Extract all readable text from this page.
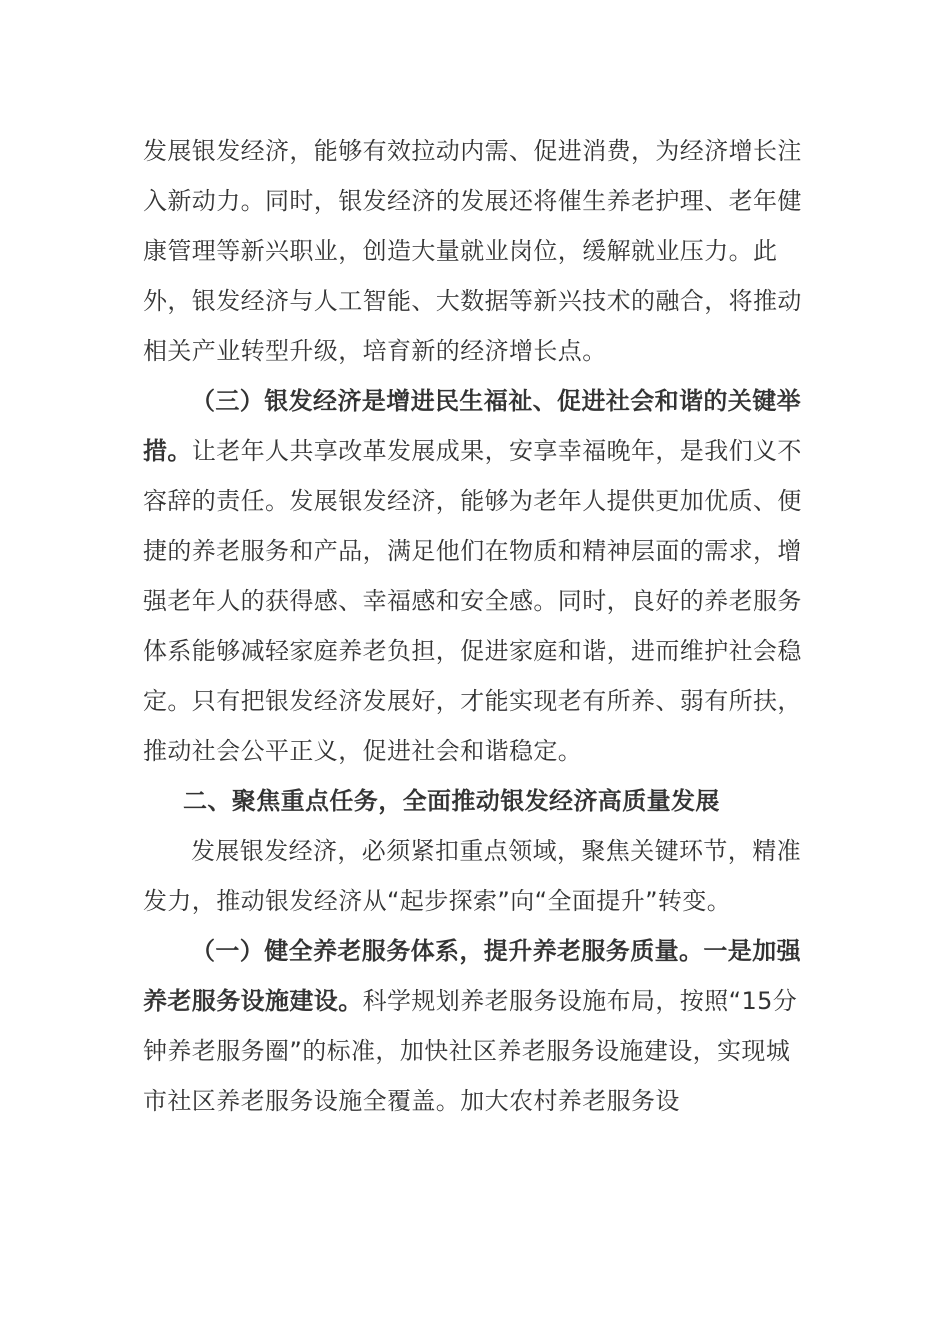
发展银发经济，能够有效拉动内需、促进消费，为经济增长注入新动力。同时，银发经济的发展还将催生养老护理、老年健康管理等新兴职业，创造大量就业岗位，缓解就业压力。此外，银发经济与人工智能、大数据等新兴技术的融合，将推动相关产业转型升级，培育新的经济增长点。

（三）银发经济是增进民生福祉、促进社会和谐的关键举措。让老年人共享改革发展成果，安享幸福晚年，是我们义不容辞的责任。发展银发经济，能够为老年人提供更加优质、便捷的养老服务和产品，满足他们在物质和精神层面的需求，增强老年人的获得感、幸福感和安全感。同时，良好的养老服务体系能够减轻家庭养老负担，促进家庭和谐，进而维护社会稳定。只有把银发经济发展好，才能实现老有所养、弱有所扶，推动社会公平正义，促进社会和谐稳定。

二、聚焦重点任务，全面推动银发经济高质量发展

发展银发经济，必须紧扣重点领域，聚焦关键环节，精准发力，推动银发经济从“起步探索”向“全面提升”转变。

（一）健全养老服务体系，提升养老服务质量。一是加强养老服务设施建设。科学规划养老服务设施布局，按照“15分钟养老服务圈”的标准，加快社区养老服务设施建设，实现城市社区养老服务设施全覆盖。加大农村养老服务设
